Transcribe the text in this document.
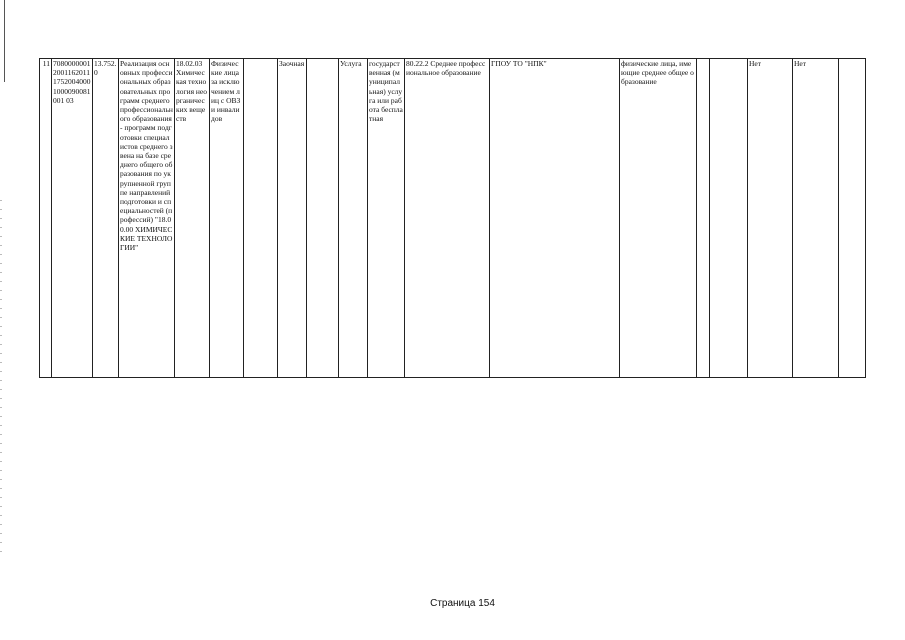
11	7080000001200116201117520040001000090081001 03	13.752.0	Реализация основных профессиональных образовательных программ среднего профессионального образования - программ подготовки специалистов среднего звена на базе среднего общего образования по укрупненной группе направлений подготовки и специальностей (профессий) "18.00.00 ХИМИЧЕСКИЕ ТЕХНОЛОГИИ"	18.02.03 Химическая технология неорганических веществ	Физические лица за исключением лиц с ОВЗ и инвалидов		Заочная		Услуга	государственная (муниципальная) услуга или работа бесплатная	80.22.2 Среднее профессиональное образование	ГПОУ ТО "НПК"	физические лица, имеющие среднее общее образование			Нет	Нет	
Страница 154
